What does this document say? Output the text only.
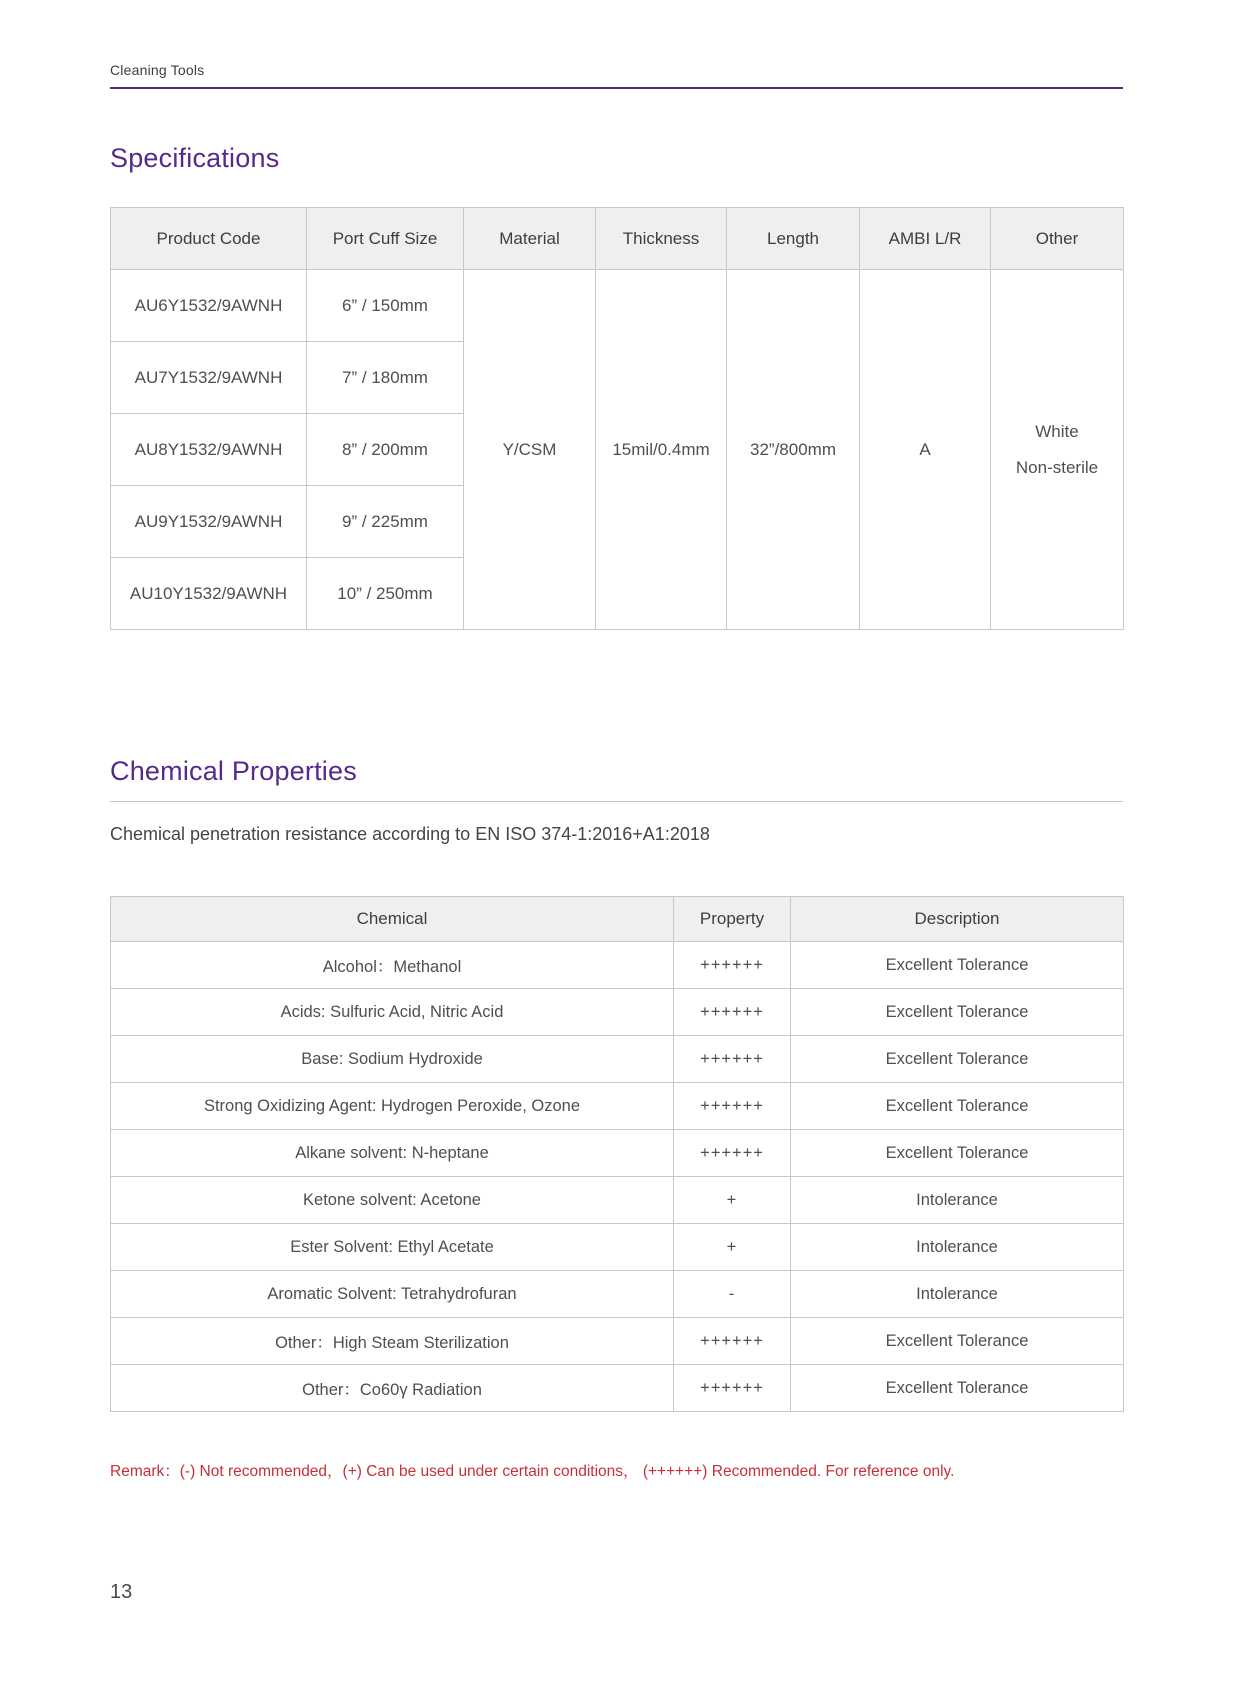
Cleaning Tools
Specifications
Product Code	Port Cuff Size	Material	Thickness	Length	AMBI L/R	Other
AU6Y1532/9AWNH	6” / 150mm	Y/CSM	15mil/0.4mm	32”/800mm	A	White
Non-sterile

AU7Y1532/9AWNH	7” / 180mm					
AU8Y1532/9AWNH	8” / 200mm					
AU9Y1532/9AWNH	9” / 225mm					
AU10Y1532/9AWNH	10” / 250mm					
Chemical Properties
Chemical penetration resistance according to EN ISO 374-1:2016+A1:2018
Chemical	Property	Description
Alcohol：Methanol	++++++	Excellent Tolerance
Acids: Sulfuric Acid, Nitric Acid	++++++	Excellent Tolerance
Base: Sodium Hydroxide	++++++	Excellent Tolerance
Strong Oxidizing Agent: Hydrogen Peroxide, Ozone	++++++	Excellent Tolerance
Alkane solvent: N-heptane	++++++	Excellent Tolerance
Ketone solvent: Acetone	+	Intolerance
Ester Solvent: Ethyl Acetate	+	Intolerance
Aromatic Solvent: Tetrahydrofuran	-	Intolerance
Other：High Steam Sterilization	++++++	Excellent Tolerance
Other：Co60γ Radiation	++++++	Excellent Tolerance
Remark：(-) Not recommended，(+) Can be used under certain conditions， (++++++) Recommended. For reference only.
13
